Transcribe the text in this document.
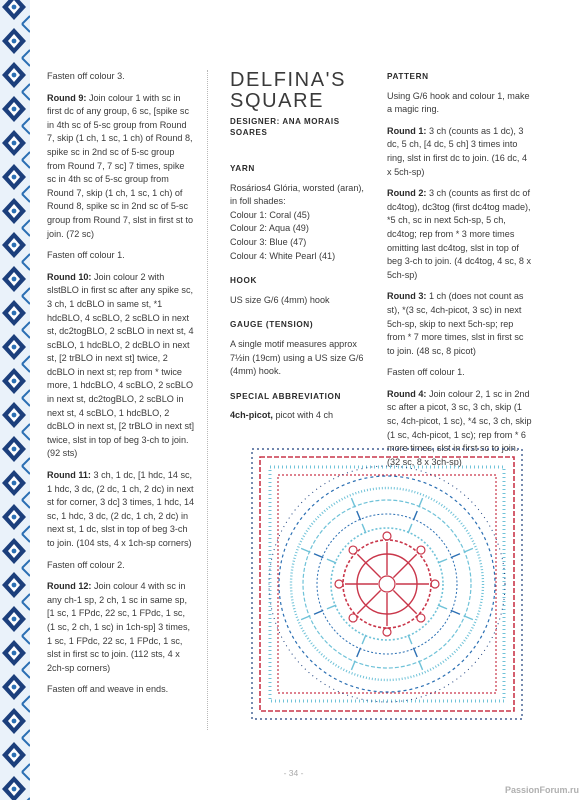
Fasten off colour 3.

Round 9: Join colour 1 with sc in first dc of any group, 6 sc, [spike sc in 4th sc of 5-sc group from Round 7, skip (1 ch, 1 sc, 1 ch) of Round 8, spike sc in 2nd sc of 5-sc group from Round 7, 7 sc] 7 times, spike sc in 4th sc of 5-sc group from Round 7, skip (1 ch, 1 sc, 1 ch) of Round 8, spike sc in 2nd sc of 5-sc group from Round 7, slst in first st to join. (72 sc)

Fasten off colour 1.

Round 10: Join colour 2 with slstBLO in first sc after any spike sc, 3 ch, 1 dcBLO in same st, *1 hdcBLO, 4 scBLO, 2 scBLO in next st, dc2togBLO, 2 scBLO in next st, 4 scBLO, 1 hdcBLO, 2 dcBLO in next st, [2 trBLO in next st] twice, 2 dcBLO in next st; rep from * twice more, 1 hdcBLO, 4 scBLO, 2 scBLO in next st, dc2togBLO, 2 scBLO in next st, 4 scBLO, 1 hdcBLO, 2 dcBLO in next st, [2 trBLO in next st] twice, slst in top of beg 3-ch to join. (92 sts)

Round 11: 3 ch, 1 dc, [1 hdc, 14 sc, 1 hdc, 3 dc, (2 dc, 1 ch, 2 dc) in next st for corner, 3 dc] 3 times, 1 hdc, 14 sc, 1 hdc, 3 dc, (2 dc, 1 ch, 2 dc) in next st, 1 dc, slst in top of beg 3-ch to join. (104 sts, 4 x 1ch-sp corners)

Fasten off colour 2.

Round 12: Join colour 4 with sc in any ch-1 sp, 2 ch, 1 sc in same sp, [1 sc, 1 FPdc, 22 sc, 1 FPdc, 1 sc, (1 sc, 2 ch, 1 sc) in 1ch-sp] 3 times, 1 sc, 1 FPdc, 22 sc, 1 FPdc, 1 sc, slst in first sc to join. (112 sts, 4 x 2ch-sp corners)

Fasten off and weave in ends.

DELFINA'S
SQUARE
DESIGNER: ANA MORAIS SOARES
YARN
Rosários4 Glória, worsted (aran), in foll shades:
Colour 1: Coral (45)
Colour 2: Aqua (49)
Colour 3: Blue (47)
Colour 4: White Pearl (41)
HOOK
US size G/6 (4mm) hook
GAUGE (TENSION)
A single motif measures approx 7½in (19cm) using a US size G/6 (4mm) hook.
SPECIAL ABBREVIATION
4ch-picot, picot with 4 ch
PATTERN

Using G/6 hook and colour 1, make a magic ring.

Round 1: 3 ch (counts as 1 dc), 3 dc, 5 ch, [4 dc, 5 ch] 3 times into ring, slst in first dc to join. (16 dc, 4 x 5ch-sp)

Round 2: 3 ch (counts as first dc of dc4tog), dc3tog (first dc4tog made), *5 ch, sc in next 5ch-sp, 5 ch, dc4tog; rep from * 3 more times omitting last dc4tog, slst in top of beg 3-ch to join. (4 dc4tog, 4 sc, 8 x 5ch-sp)

Round 3: 1 ch (does not count as st), *(3 sc, 4ch-picot, 3 sc) in next 5ch-sp, skip to next 5ch-sp; rep from * 7 more times, slst in first sc to join. (48 sc, 8 picot)

Fasten off colour 1.

Round 4: Join colour 2, 1 sc in 2nd sc after a picot, 3 sc, 3 ch, skip (1 sc, 4ch-picot, 1 sc), *4 sc, 3 ch, skip (1 sc, 4ch-picot, 1 sc); rep from * 6 more times, slst in first sc to join. (32 sc, 8 x 3ch-sp)

- 34 -
PassionForum.ru
